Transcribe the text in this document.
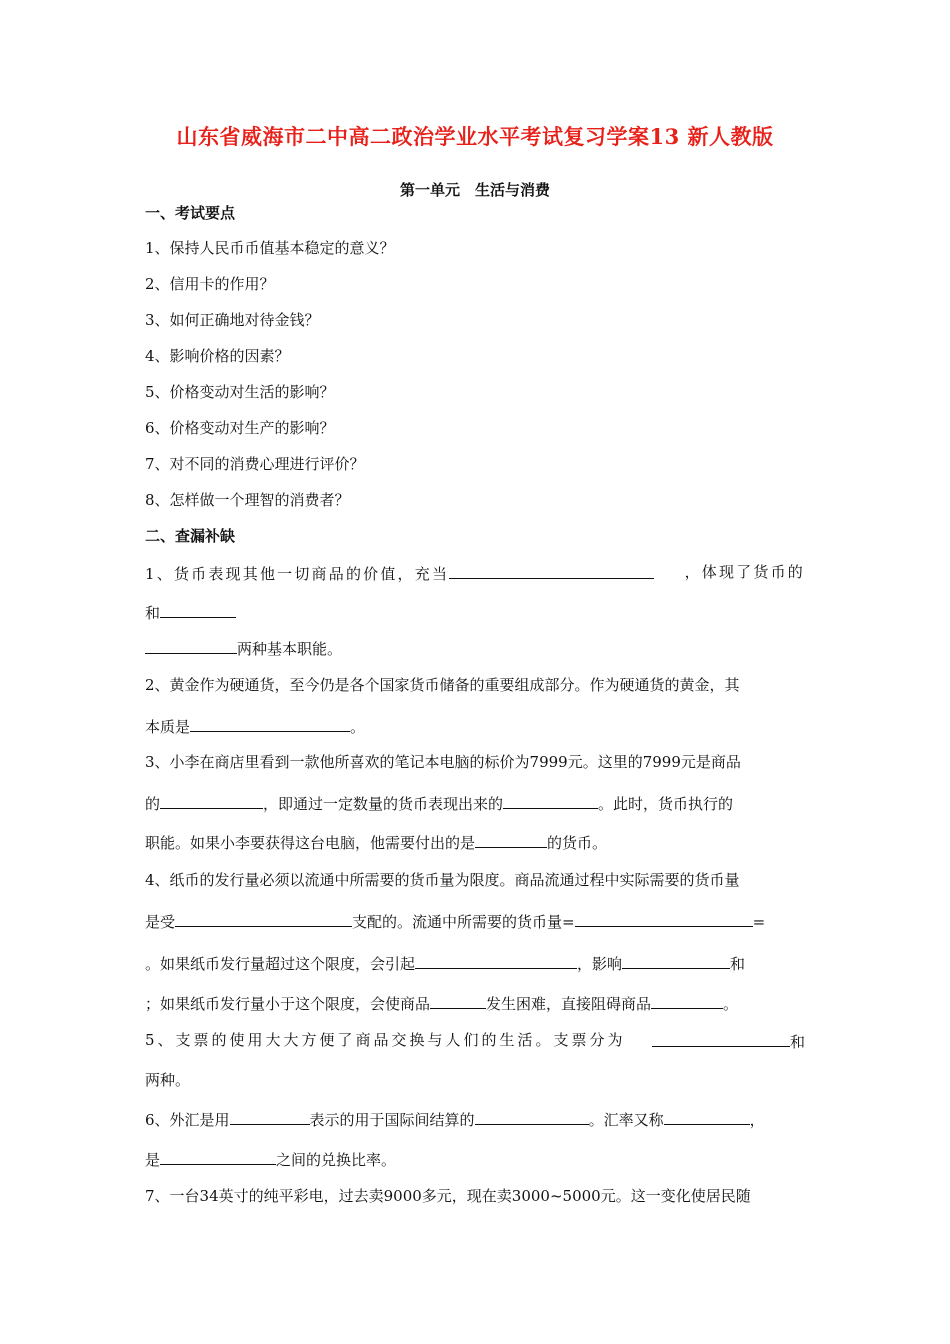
山东省威海市二中高二政治学业水平考试复习学案13 新人教版
第一单元　生活与消费
一、考试要点
1、保持人民币币值基本稳定的意义？
2、信用卡的作用？
3、如何正确地对待金钱？
4、影响价格的因素？
5、价格变动对生活的影响？
6、价格变动对生产的影响？
7、对不同的消费心理进行评价？
8、怎样做一个理智的消费者？
二、查漏补缺
1、货币表现其他一切商品的价值，充当	，体现了货币的
和
两种基本职能。
2、黄金作为硬通货，至今仍是各个国家货币储备的重要组成部分。作为硬通货的黄金，其
本质是	。
3、小李在商店里看到一款他所喜欢的笔记本电脑的标价为7999元。这里的7999元是商品
的	，即通过一定数量的货币表现出来的	。此时，货币执行的
职能。如果小李要获得这台电脑，他需要付出的是	的货币。
4、纸币的发行量必须以流通中所需要的货币量为限度。商品流通过程中实际需要的货币量
是受	支配的。流通中所需要的货币量=	=
。如果纸币发行量超过这个限度，会引起	，影响	和
；如果纸币发行量小于这个限度，会使商品	发生困难，直接阻碍商品	。
5、支票的使用大大方便了商品交换与人们的生活。支票分为	和
两种。
6、外汇是用	表示的用于国际间结算的	。汇率又称	，
是	之间的兑换比率。
7、一台34英寸的纯平彩电，过去卖9000多元，现在卖3000~5000元。这一变化使居民随
